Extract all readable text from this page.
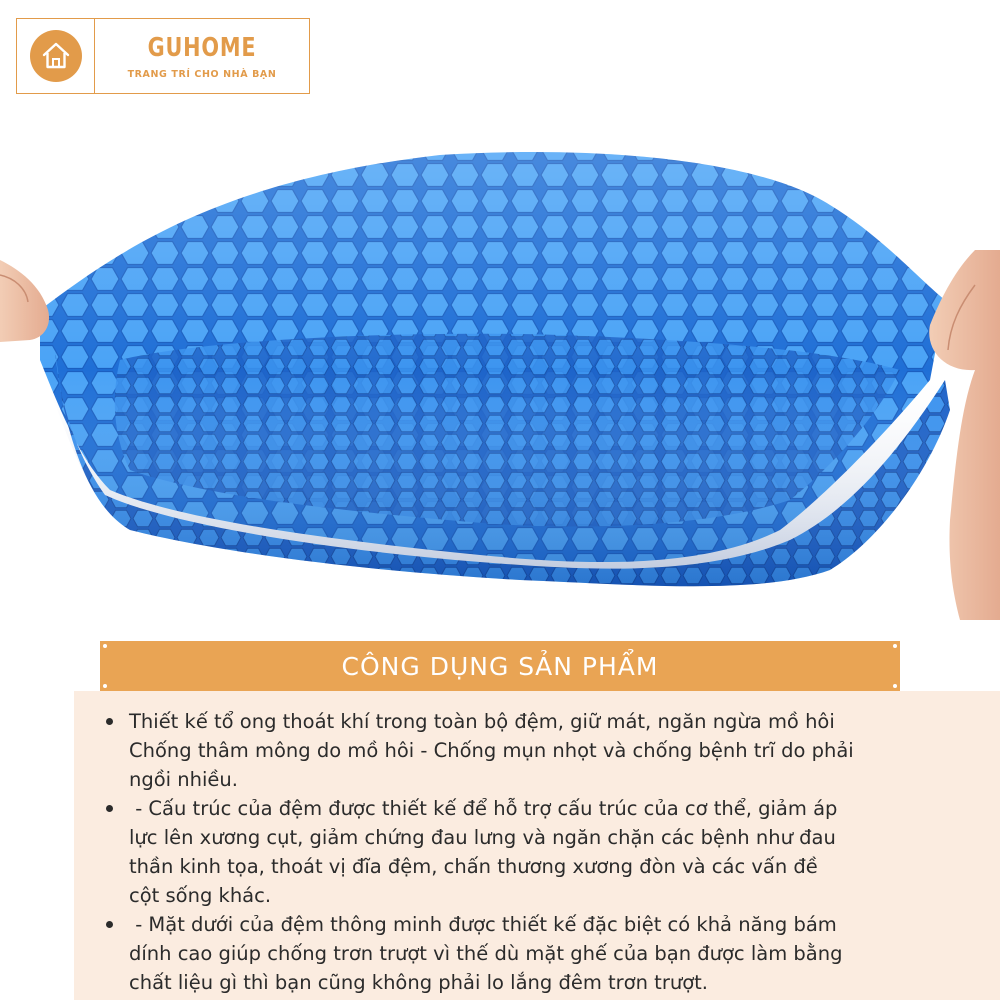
GUHOME
TRANG TRÍ CHO NHÀ BẠN
CÔNG DỤNG SẢN PHẨM
Thiết kế tổ ong thoát khí trong toàn bộ đệm, giữ mát, ngăn ngừa mồ hôi
Chống thâm mông do mồ hôi - Chống mụn nhọt và chống bệnh trĩ do phải
ngồi nhiều.
- Cấu trúc của đệm được thiết kế để hỗ trợ cấu trúc của cơ thể, giảm áp
lực lên xương cụt, giảm chứng đau lưng và ngăn chặn các bệnh như đau
thần kinh tọa, thoát vị đĩa đệm, chấn thương xương đòn và các vấn đề
cột sống khác.
- Mặt dưới của đệm thông minh được thiết kế đặc biệt có khả năng bám
dính cao giúp chống trơn trượt vì thế dù mặt ghế của bạn được làm bằng
chất liệu gì thì bạn cũng không phải lo lắng đêm trơn trượt.
